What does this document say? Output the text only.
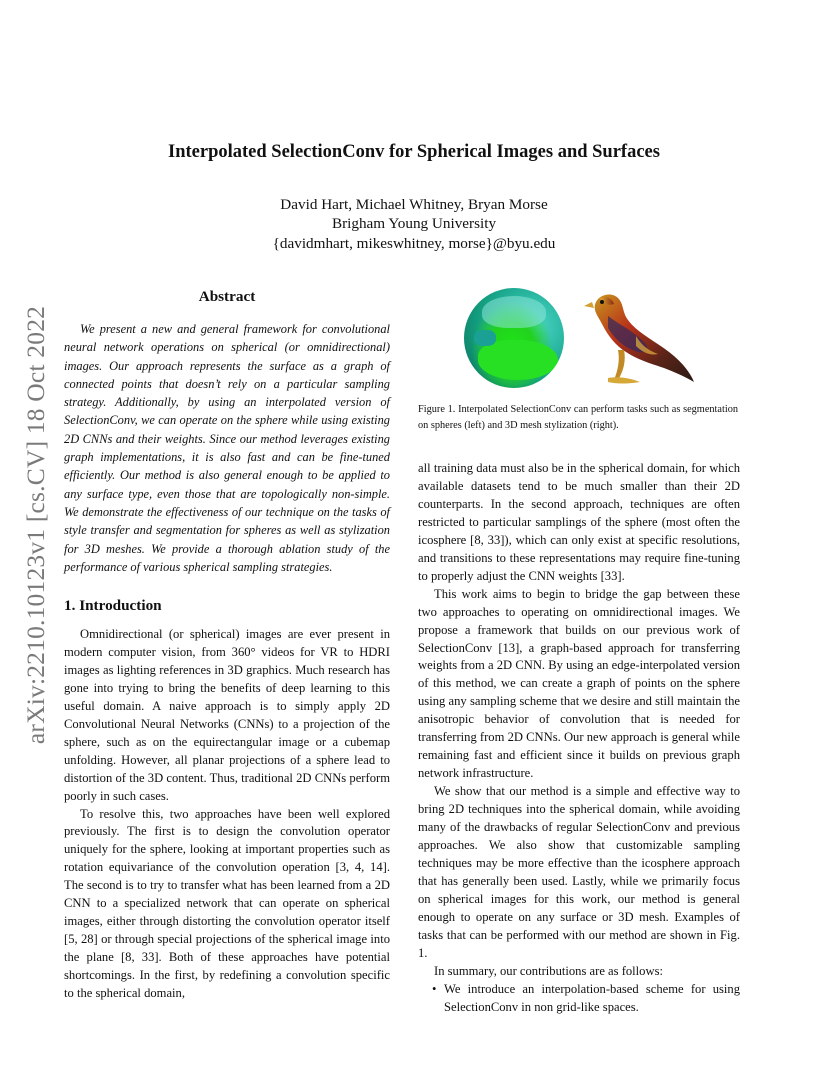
arXiv:2210.10123v1 [cs.CV] 18 Oct 2022
Interpolated SelectionConv for Spherical Images and Surfaces
David Hart, Michael Whitney, Bryan Morse
Brigham Young University
{davidmhart, mikeswhitney, morse}@byu.edu
Abstract

We present a new and general framework for convolutional neural network operations on spherical (or omnidirectional) images. Our approach represents the surface as a graph of connected points that doesn’t rely on a particular sampling strategy. Additionally, by using an interpolated version of SelectionConv, we can operate on the sphere while using existing 2D CNNs and their weights. Since our method leverages existing graph implementations, it is also fast and can be fine-tuned efficiently. Our method is also general enough to be applied to any surface type, even those that are topologically non-simple. We demonstrate the effectiveness of our technique on the tasks of style transfer and segmentation for spheres as well as stylization for 3D meshes. We provide a thorough ablation study of the performance of various spherical sampling strategies.

Figure 1. Interpolated SelectionConv can perform tasks such as segmentation on spheres (left) and 3D mesh stylization (right).

1. Introduction

Omnidirectional (or spherical) images are ever present in modern computer vision, from 360° videos for VR to HDRI images as lighting references in 3D graphics. Much research has gone into trying to bring the benefits of deep learning to this useful domain. A naive approach is to simply apply 2D Convolutional Neural Networks (CNNs) to a projection of the sphere, such as on the equirectangular image or a cubemap unfolding. However, all planar projections of a sphere lead to distortion of the 3D content. Thus, traditional 2D CNNs perform poorly in such cases.

To resolve this, two approaches have been well explored previously. The first is to design the convolution operator uniquely for the sphere, looking at important properties such as rotation equivariance of the convolution operation [3, 4, 14]. The second is to try to transfer what has been learned from a 2D CNN to a specialized network that can operate on spherical images, either through distorting the convolution operator itself [5, 28] or through special projections of the spherical image into the plane [8, 33]. Both of these approaches have potential shortcomings. In the first, by redefining a convolution specific to the spherical domain,

all training data must also be in the spherical domain, for which available datasets tend to be much smaller than their 2D counterparts. In the second approach, techniques are often restricted to particular samplings of the sphere (most often the icosphere [8, 33]), which can only exist at specific resolutions, and transitions to these representations may require fine-tuning to properly adjust the CNN weights [33].

This work aims to begin to bridge the gap between these two approaches to operating on omnidirectional images. We propose a framework that builds on our previous work of SelectionConv [13], a graph-based approach for transferring weights from a 2D CNN. By using an edge-interpolated version of this method, we can create a graph of points on the sphere using any sampling scheme that we desire and still maintain the anisotropic behavior of convolution that is needed for transferring from 2D CNNs. Our new approach is general while remaining fast and efficient since it builds on previous graph network infrastructure.

We show that our method is a simple and effective way to bring 2D techniques into the spherical domain, while avoiding many of the drawbacks of regular SelectionConv and previous approaches. We also show that customizable sampling techniques may be more effective than the icosphere approach that has generally been used. Lastly, while we primarily focus on spherical images for this work, our method is general enough to operate on any surface or 3D mesh. Examples of tasks that can be performed with our method are shown in Fig. 1.

In summary, our contributions are as follows:

• We introduce an interpolation-based scheme for using SelectionConv in non grid-like spaces.
